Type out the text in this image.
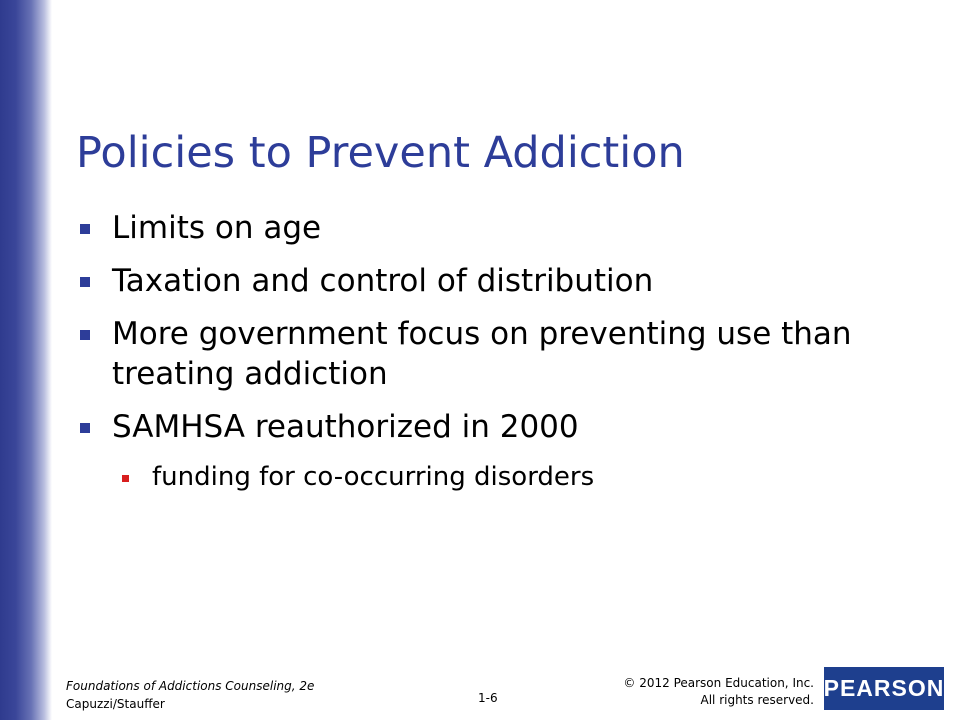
Policies to Prevent Addiction
Limits on age
Taxation and control of distribution
More government focus on preventing use than treating addiction
SAMHSA reauthorized in 2000
funding for co-occurring disorders
Foundations of Addictions Counseling, 2e
Capuzzi/Stauffer	1-6
© 2012 Pearson Education, Inc.
All rights reserved. PEARSON
